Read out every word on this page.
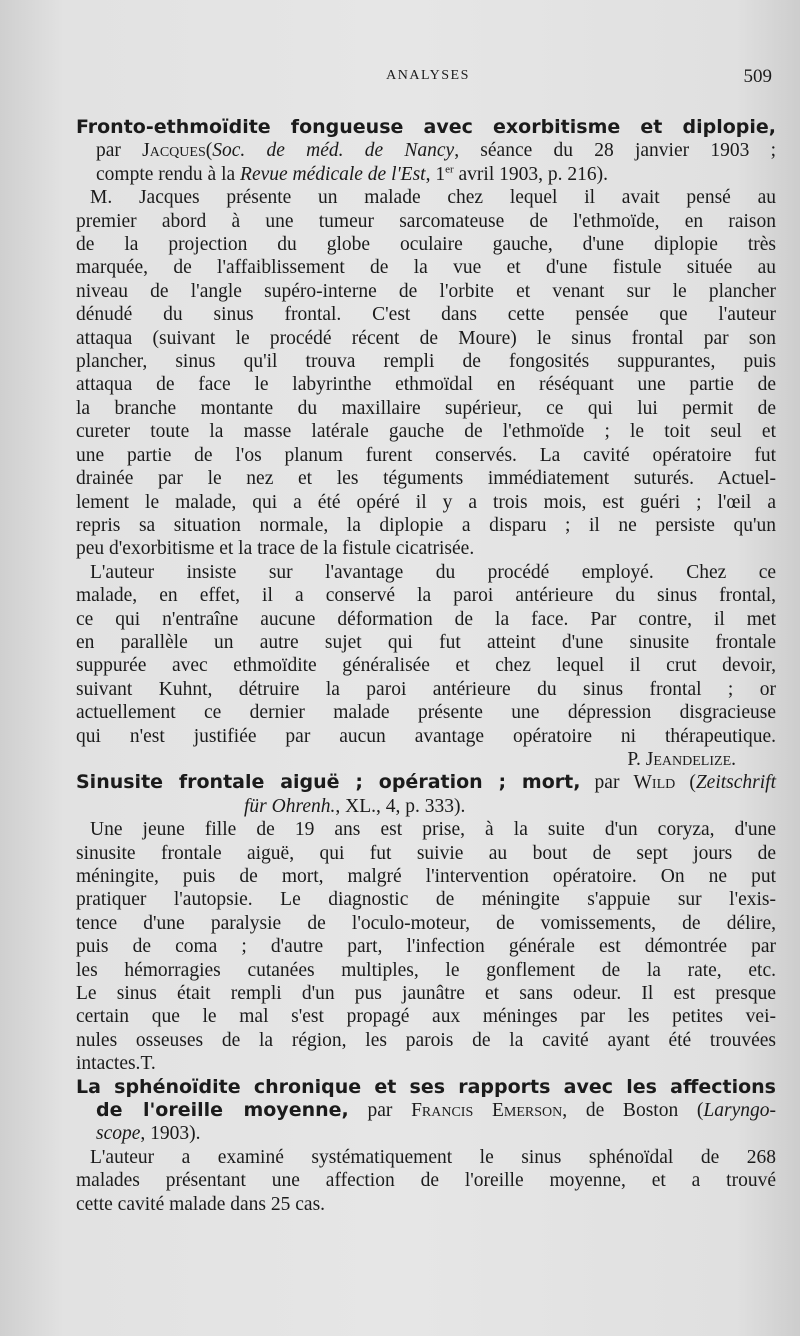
ANALYSES	509
Fronto-ethmoïdite fongueuse avec exorbitisme et diplopie,
par Jacques(Soc. de méd. de Nancy, séance du 28 janvier 1903 ;
compte rendu à la Revue médicale de l'Est, 1er avril 1903, p. 216).
M. Jacques présente un malade chez lequel il avait pensé au
premier abord à une tumeur sarcomateuse de l'ethmoïde, en raison
de la projection du globe oculaire gauche, d'une diplopie très
marquée, de l'affaiblissement de la vue et d'une fistule située au
niveau de l'angle supéro-interne de l'orbite et venant sur le plancher
dénudé du sinus frontal. C'est dans cette pensée que l'auteur
attaqua (suivant le procédé récent de Moure) le sinus frontal par son
plancher, sinus qu'il trouva rempli de fongosités suppurantes, puis
attaqua de face le labyrinthe ethmoïdal en réséquant une partie de
la branche montante du maxillaire supérieur, ce qui lui permit de
cureter toute la masse latérale gauche de l'ethmoïde ; le toit seul et
une partie de l'os planum furent conservés. La cavité opératoire fut
drainée par le nez et les téguments immédiatement suturés. Actuel-
lement le malade, qui a été opéré il y a trois mois, est guéri ; l'œil a
repris sa situation normale, la diplopie a disparu ; il ne persiste qu'un
peu d'exorbitisme et la trace de la fistule cicatrisée.
L'auteur insiste sur l'avantage du procédé employé. Chez ce
malade, en effet, il a conservé la paroi antérieure du sinus frontal,
ce qui n'entraîne aucune déformation de la face. Par contre, il met
en parallèle un autre sujet qui fut atteint d'une sinusite frontale
suppurée avec ethmoïdite généralisée et chez lequel il crut devoir,
suivant Kuhnt, détruire la paroi antérieure du sinus frontal ; or
actuellement ce dernier malade présente une dépression disgracieuse
qui n'est justifiée par aucun avantage opératoire ni thérapeutique.
P. Jeandelize.
Sinusite frontale aiguë ; opération ; mort, par Wild (Zeitschrift
für Ohrenh., XL., 4, p. 333).
Une jeune fille de 19 ans est prise, à la suite d'un coryza, d'une
sinusite frontale aiguë, qui fut suivie au bout de sept jours de
méningite, puis de mort, malgré l'intervention opératoire. On ne put
pratiquer l'autopsie. Le diagnostic de méningite s'appuie sur l'exis-
tence d'une paralysie de l'oculo-moteur, de vomissements, de délire,
puis de coma ; d'autre part, l'infection générale est démontrée par
les hémorragies cutanées multiples, le gonflement de la rate, etc.
Le sinus était rempli d'un pus jaunâtre et sans odeur. Il est presque
certain que le mal s'est propagé aux méninges par les petites vei-
nules osseuses de la région, les parois de la cavité ayant été trouvées
intactes.T.
La sphénoïdite chronique et ses rapports avec les affections
de l'oreille moyenne, par Francis Emerson, de Boston (Laryngo-
scope, 1903).
L'auteur a examiné systématiquement le sinus sphénoïdal de 268
malades présentant une affection de l'oreille moyenne, et a trouvé
cette cavité malade dans 25 cas.
